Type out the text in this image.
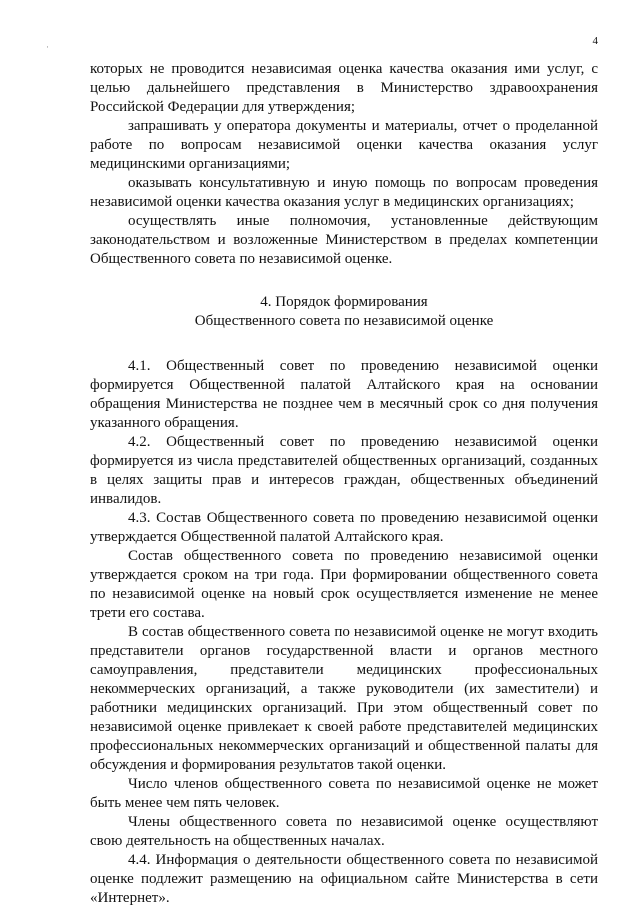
4
·

которых не проводится независимая оценка качества оказания ими услуг, с целью дальнейшего представления в Министерство здравоохранения Российской Федерации для утверждения;

запрашивать у оператора документы и материалы, отчет о проделанной работе по вопросам независимой оценки качества оказания услуг медицинскими организациями;

оказывать консультативную и иную помощь по вопросам проведения независимой оценки качества оказания услуг в медицинских организациях;

осуществлять иные полномочия, установленные действующим законодательством и возложенные Министерством в пределах компетенции Общественного совета по независимой оценке.

4. Порядок формирования
Общественного совета по независимой оценке

4.1. Общественный совет по проведению независимой оценки формируется Общественной палатой Алтайского края на основании обращения Министерства не позднее чем в месячный срок со дня получения указанного обращения.

4.2. Общественный совет по проведению независимой оценки формируется из числа представителей общественных организаций, созданных в целях защиты прав и интересов граждан, общественных объединений инвалидов.

4.3. Состав Общественного совета по проведению независимой оценки утверждается Общественной палатой Алтайского края.

Состав общественного совета по проведению независимой оценки утверждается сроком на три года. При формировании общественного совета по независимой оценке на новый срок осуществляется изменение не менее трети его состава.

В состав общественного совета по независимой оценке не могут входить представители органов государственной власти и органов местного самоуправления, представители медицинских профессиональных некоммерческих организаций, а также руководители (их заместители) и работники медицинских организаций. При этом общественный совет по независимой оценке привлекает к своей работе представителей медицинских профессиональных некоммерческих организаций и общественной палаты для обсуждения и формирования результатов такой оценки.

Число членов общественного совета по независимой оценке не может быть менее чем пять человек.

Члены общественного совета по независимой оценке осуществляют свою деятельность на общественных началах.

4.4. Информация о деятельности общественного совета по независимой оценке подлежит размещению на официальном сайте Министерства в сети «Интернет».
